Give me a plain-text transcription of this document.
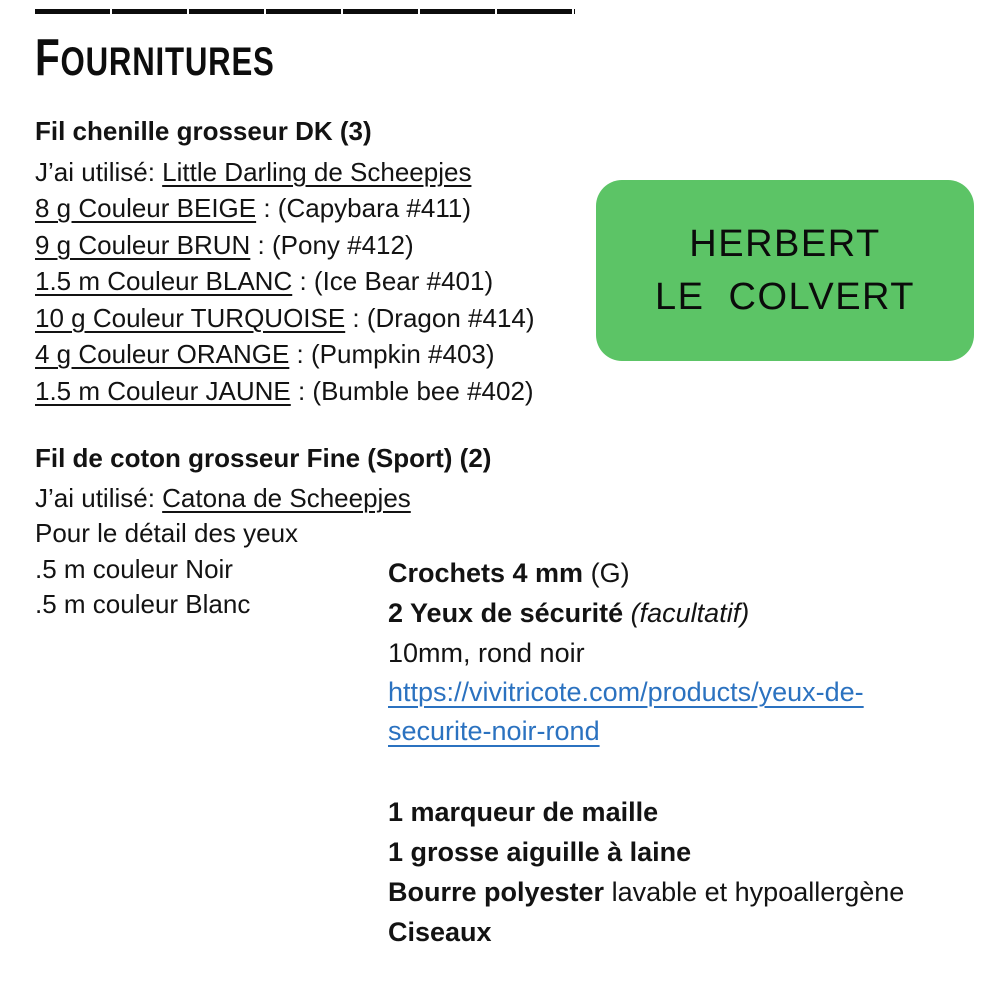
FOURNITURES
Fil chenille grosseur DK (3)
J’ai utilisé: Little Darling de Scheepjes
8 g Couleur BEIGE : (Capybara #411)
9 g Couleur BRUN : (Pony #412)
1.5 m Couleur BLANC : (Ice Bear #401)
10 g Couleur TURQUOISE : (Dragon #414)
4 g Couleur ORANGE : (Pumpkin #403)
1.5 m Couleur JAUNE : (Bumble bee #402)
Fil de coton grosseur Fine (Sport) (2)
J’ai utilisé: Catona de Scheepjes
Pour le détail des yeux
.5 m couleur Noir
.5 m couleur Blanc
Crochets 4 mm (G)
2 Yeux de sécurité (facultatif)
10mm, rond noir
https://vivitricote.com/products/yeux-de-
securite-noir-rond
1 marqueur de maille
1 grosse aiguille à laine
Bourre polyester lavable et hypoallergène
Ciseaux
HERBERT
LE  COLVERT
